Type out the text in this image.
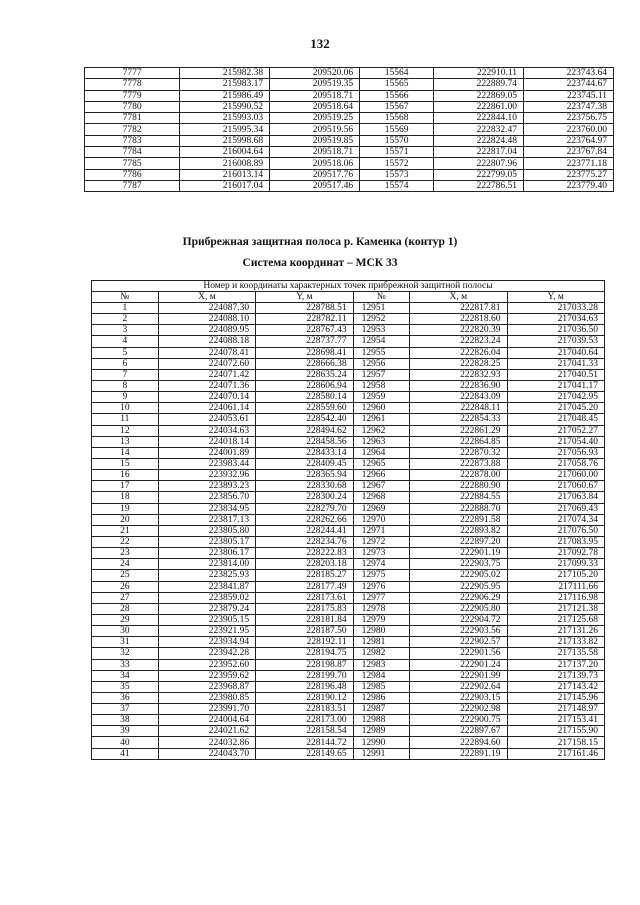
132
7777	215982.38	209520.06	15564	222910.11	223743.64
7778	215983.17	209519.35	15565	222889.74	223744.67
7779	215986.49	209518.71	15566	222869.05	223745.11
7780	215990.52	209518.64	15567	222861.00	223747.38
7781	215993.03	209519.25	15568	222844.10	223756.75
7782	215995.34	209519.56	15569	222832.47	223760.00
7783	215998.68	209519.85	15570	222824.48	223764.97
7784	216004.64	209518.71	15571	222817.04	223767.84
7785	216008.89	209518.06	15572	222807.96	223771.18
7786	216013.14	209517.76	15573	222799.05	223775.27
7787	216017.04	209517.46	15574	222786.51	223779.40
Прибрежная защитная полоса р. Каменка (контур 1)
Система координат – МСК 33
Номер и координаты характерных точек прибрежной защитной полосы					
№	X, м	Y, м	№	X, м	Y, м
1	224087.30	228788.51	12951	222817.81	217033.28
2	224088.10	228782.11	12952	222818.60	217034.63
3	224089.95	228767.43	12953	222820.39	217036.50
4	224088.18	228737.77	12954	222823.24	217039.53
5	224078.41	228698.41	12955	222826.04	217040.64
6	224072.60	228666.38	12956	222828.25	217041.33
7	224071.42	228635.24	12957	222832.93	217040.51
8	224071.36	228606.94	12958	222836.90	217041.17
9	224070.14	228580.14	12959	222843.09	217042.95
10	224061.14	228559.60	12960	222848.11	217045.20
11	224053.61	228542.40	12961	222854.33	217048.45
12	224034.63	228494.62	12962	222861.29	217052.27
13	224018.14	228458.56	12963	222864.85	217054.40
14	224001.89	228433.14	12964	222870.32	217056.93
15	223983.44	228409.45	12965	222873.88	217058.76
16	223932.96	228365.94	12966	222878.00	217060.00
17	223893.23	228330.68	12967	222880.90	217060.67
18	223856.70	228300.24	12968	222884.55	217063.84
19	223834.95	228279.70	12969	222888.70	217069.43
20	223817.13	228262.66	12970	222891.58	217074.34
21	223805.80	228244.41	12971	222893.82	217076.50
22	223805.17	228234.76	12972	222897.20	217083.95
23	223806.17	228222.83	12973	222901.19	217092.78
24	223814.00	228203.18	12974	222903.75	217099.33
25	223825.93	228185.27	12975	222905.02	217105.20
26	223841.87	228177.49	12976	222905.95	217111.66
27	223859.02	228173.61	12977	222906.29	217116.98
28	223879.24	228175.83	12978	222905.80	217121.38
29	223905.15	228181.84	12979	222904.72	217125.68
30	223921.95	228187.50	12980	222903.56	217131.26
31	223934.94	228192.11	12981	222902.57	217133.82
32	223942.28	228194.75	12982	222901.56	217135.58
33	223952.60	228198.87	12983	222901.24	217137.20
34	223959.62	228199.70	12984	222901.99	217139.73
35	223968.87	228196.48	12985	222902.64	217143.42
36	223980.85	228190.12	12986	222903.15	217145.96
37	223991.70	228183.51	12987	222902.98	217148.97
38	224004.64	228173.00	12988	222900.75	217153.41
39	224021.62	228158.54	12989	222897.67	217155.90
40	224032.86	228144.72	12990	222894.60	217158.15
41	224043.70	228149.65	12991	222891.19	217161.46
